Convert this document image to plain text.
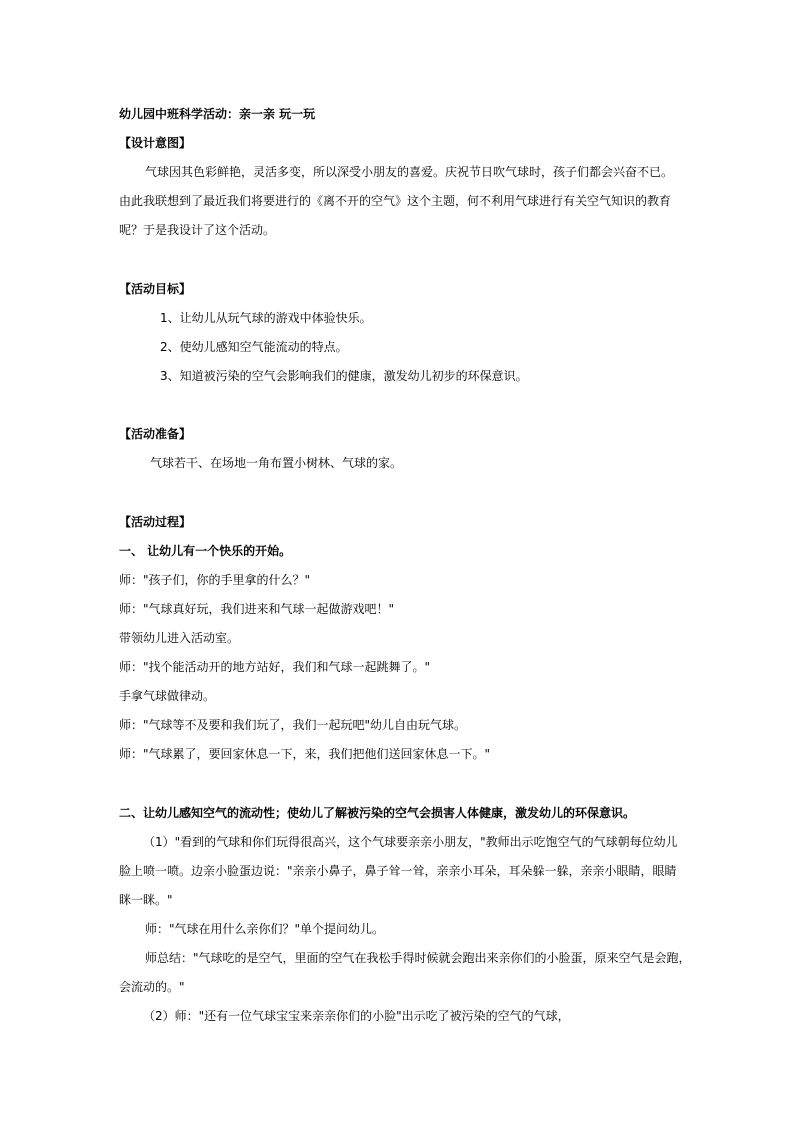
幼儿园中班科学活动：亲一亲 玩一玩
【设计意图】
气球因其色彩鲜艳，灵活多变，所以深受小朋友的喜爱。庆祝节日吹气球时，孩子们都会兴奋不已。
由此我联想到了最近我们将要进行的《离不开的空气》这个主题，何不利用气球进行有关空气知识的教育
呢？于是我设计了这个活动。
【活动目标】
1、让幼儿从玩气球的游戏中体验快乐。
2、使幼儿感知空气能流动的特点。
3、知道被污染的空气会影响我们的健康，激发幼儿初步的环保意识。
【活动准备】
气球若干、在场地一角布置小树林、气球的家。
【活动过程】
一、 让幼儿有一个快乐的开始。
师："孩子们，你的手里拿的什么？"
师："气球真好玩，我们进来和气球一起做游戏吧！"
带领幼儿进入活动室。
师："找个能活动开的地方站好，我们和气球一起跳舞了。"
手拿气球做律动。
师："气球等不及要和我们玩了，我们一起玩吧"幼儿自由玩气球。
师："气球累了，要回家休息一下，来，我们把他们送回家休息一下。"
二、让幼儿感知空气的流动性；使幼儿了解被污染的空气会损害人体健康，激发幼儿的环保意识。
（1）"看到的气球和你们玩得很高兴，这个气球要亲亲小朋友，"教师出示吃饱空气的气球朝每位幼儿
脸上喷一喷。边亲小脸蛋边说："亲亲小鼻子，鼻子耸一耸，亲亲小耳朵，耳朵躲一躲，亲亲小眼睛，眼睛
眯一眯。"
师："气球在用什么亲你们？"单个提问幼儿。
师总结："气球吃的是空气，里面的空气在我松手得时候就会跑出来亲你们的小脸蛋，原来空气是会跑，
会流动的。"
（2）师："还有一位气球宝宝来亲亲你们的小脸"出示吃了被污染的空气的气球，
